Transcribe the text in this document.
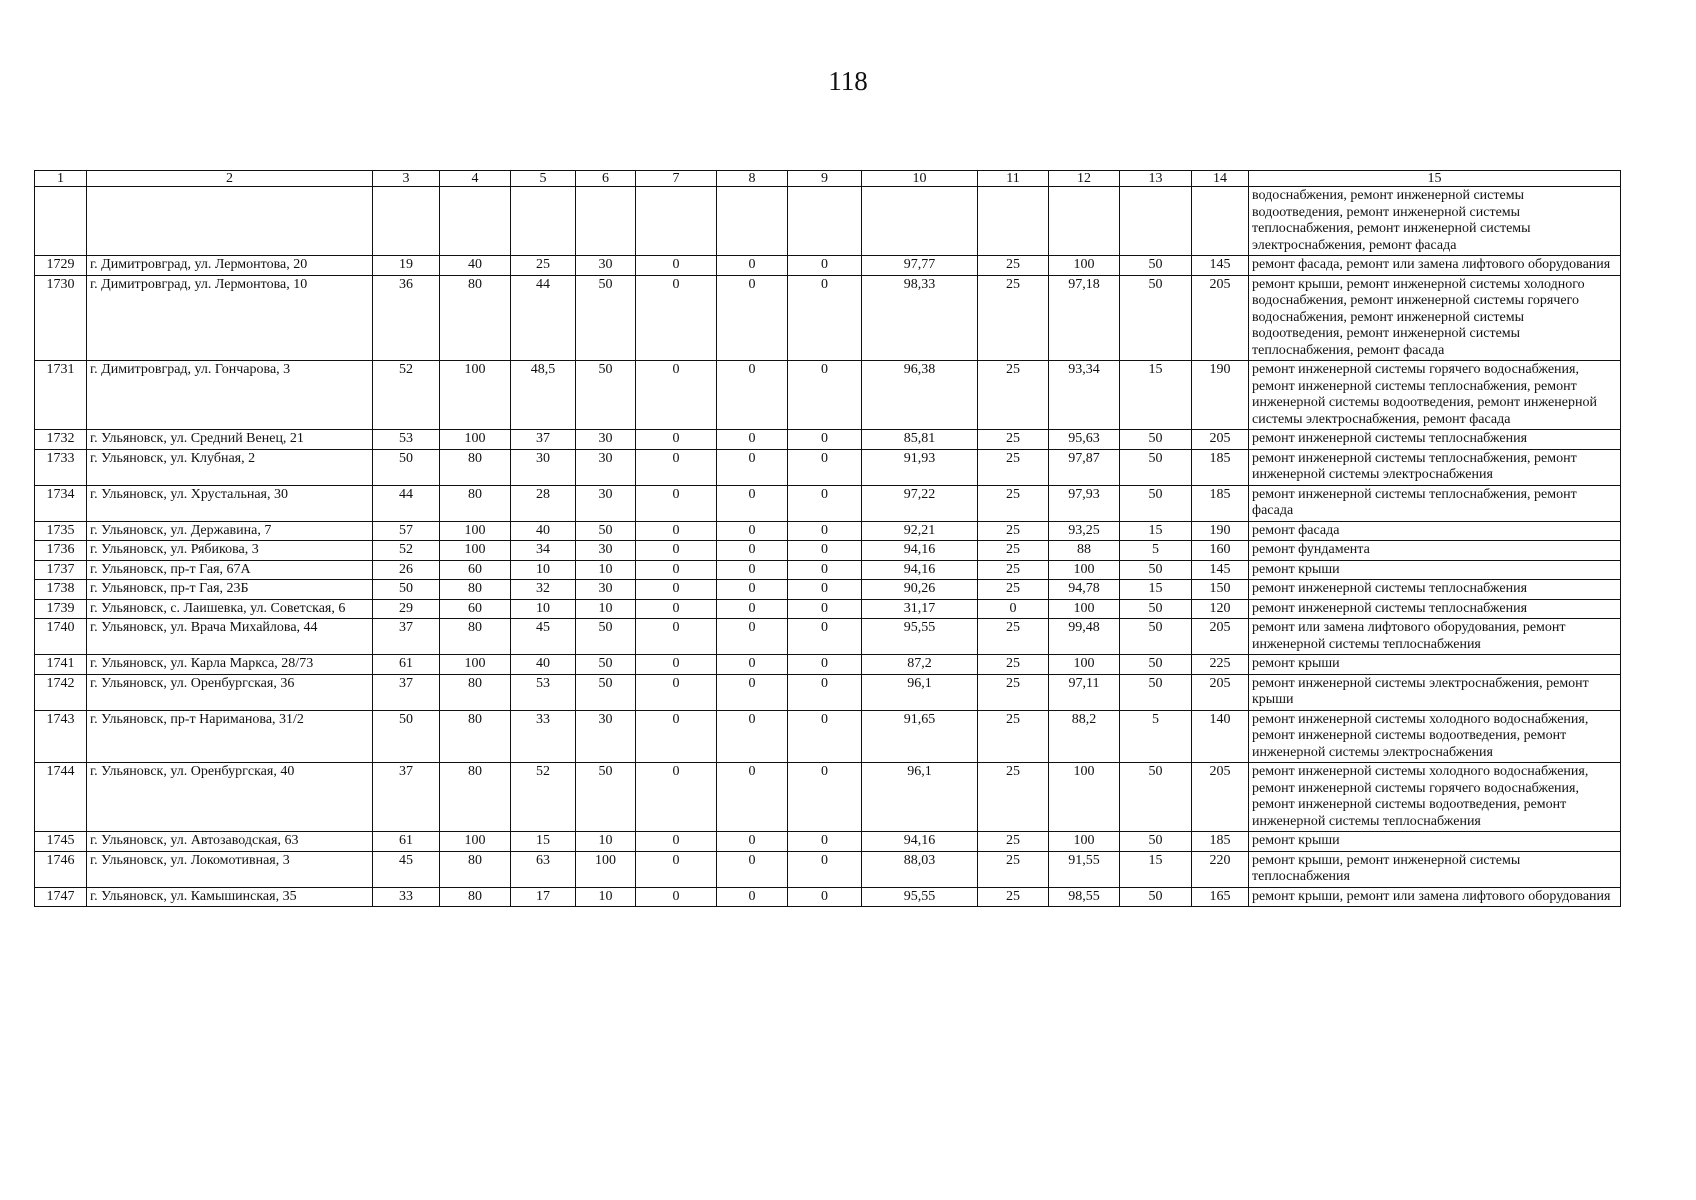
118
1	2	3	4	5	6	7	8	9	10	11	12	13	14	15
														водоснабжения, ремонт инженерной системы водоотведения, ремонт инженерной системы теплоснабжения, ремонт инженерной системы электроснабжения, ремонт фасада
1729	г. Димитровград, ул. Лермонтова, 20	19	40	25	30	0	0	0	97,77	25	100	50	145	ремонт фасада, ремонт или замена лифтового оборудования
1730	г. Димитровград, ул. Лермонтова, 10	36	80	44	50	0	0	0	98,33	25	97,18	50	205	ремонт крыши, ремонт инженерной системы холодного водоснабжения, ремонт инженерной системы горячего водоснабжения, ремонт инженерной системы водоотведения, ремонт инженерной системы теплоснабжения, ремонт фасада
1731	г. Димитровград, ул. Гончарова, 3	52	100	48,5	50	0	0	0	96,38	25	93,34	15	190	ремонт инженерной системы горячего водоснабжения, ремонт инженерной системы теплоснабжения, ремонт инженерной системы водоотведения, ремонт инженерной системы электроснабжения, ремонт фасада
1732	г. Ульяновск, ул. Средний Венец, 21	53	100	37	30	0	0	0	85,81	25	95,63	50	205	ремонт инженерной системы теплоснабжения
1733	г. Ульяновск, ул. Клубная, 2	50	80	30	30	0	0	0	91,93	25	97,87	50	185	ремонт инженерной системы теплоснабжения, ремонт инженерной системы электроснабжения
1734	г. Ульяновск, ул. Хрустальная, 30	44	80	28	30	0	0	0	97,22	25	97,93	50	185	ремонт инженерной системы теплоснабжения, ремонт фасада
1735	г. Ульяновск, ул. Державина, 7	57	100	40	50	0	0	0	92,21	25	93,25	15	190	ремонт фасада
1736	г. Ульяновск, ул. Рябикова, 3	52	100	34	30	0	0	0	94,16	25	88	5	160	ремонт фундамента
1737	г. Ульяновск, пр-т Гая, 67А	26	60	10	10	0	0	0	94,16	25	100	50	145	ремонт крыши
1738	г. Ульяновск, пр-т Гая, 23Б	50	80	32	30	0	0	0	90,26	25	94,78	15	150	ремонт инженерной системы теплоснабжения
1739	г. Ульяновск, с. Лаишевка, ул. Советская, 6	29	60	10	10	0	0	0	31,17	0	100	50	120	ремонт инженерной системы теплоснабжения
1740	г. Ульяновск, ул. Врача Михайлова, 44	37	80	45	50	0	0	0	95,55	25	99,48	50	205	ремонт или замена лифтового оборудования, ремонт инженерной системы теплоснабжения
1741	г. Ульяновск, ул. Карла Маркса, 28/73	61	100	40	50	0	0	0	87,2	25	100	50	225	ремонт крыши
1742	г. Ульяновск, ул. Оренбургская, 36	37	80	53	50	0	0	0	96,1	25	97,11	50	205	ремонт инженерной системы электроснабжения, ремонт крыши
1743	г. Ульяновск, пр-т Нариманова, 31/2	50	80	33	30	0	0	0	91,65	25	88,2	5	140	ремонт инженерной системы холодного водоснабжения, ремонт инженерной системы водоотведения, ремонт инженерной системы электроснабжения
1744	г. Ульяновск, ул. Оренбургская, 40	37	80	52	50	0	0	0	96,1	25	100	50	205	ремонт инженерной системы холодного водоснабжения, ремонт инженерной системы горячего водоснабжения, ремонт инженерной системы водоотведения, ремонт инженерной системы теплоснабжения
1745	г. Ульяновск, ул. Автозаводская, 63	61	100	15	10	0	0	0	94,16	25	100	50	185	ремонт крыши
1746	г. Ульяновск, ул. Локомотивная, 3	45	80	63	100	0	0	0	88,03	25	91,55	15	220	ремонт крыши, ремонт инженерной системы теплоснабжения
1747	г. Ульяновск, ул. Камышинская, 35	33	80	17	10	0	0	0	95,55	25	98,55	50	165	ремонт крыши, ремонт или замена лифтового оборудования
